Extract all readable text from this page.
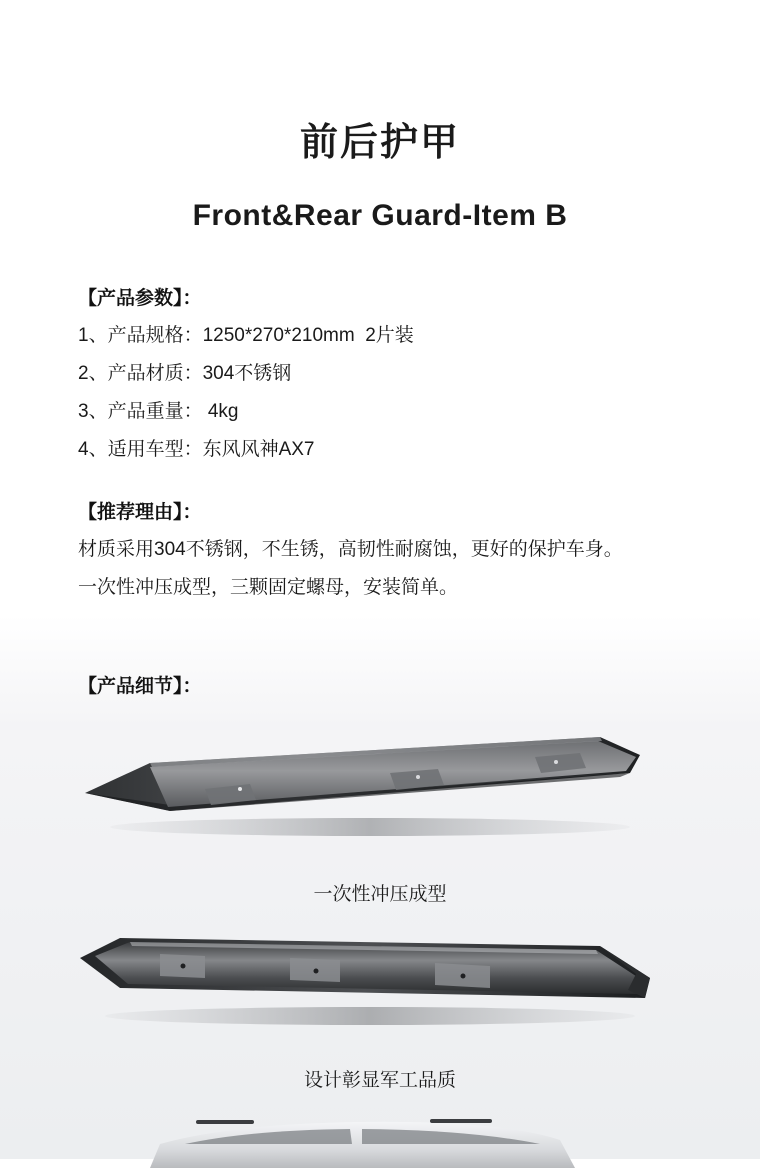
前后护甲
Front&Rear Guard-Item B
【产品参数】：
1、产品规格：1250*270*210mm  2片装
2、产品材质：304不锈钢
3、产品重量： 4kg
4、适用车型：东风风神AX7
【推荐理由】：
材质采用304不锈钢，不生锈，高韧性耐腐蚀，更好的保护车身。
一次性冲压成型，三颗固定螺母，安装简单。
【产品细节】：
一次性冲压成型
设计彰显军工品质
